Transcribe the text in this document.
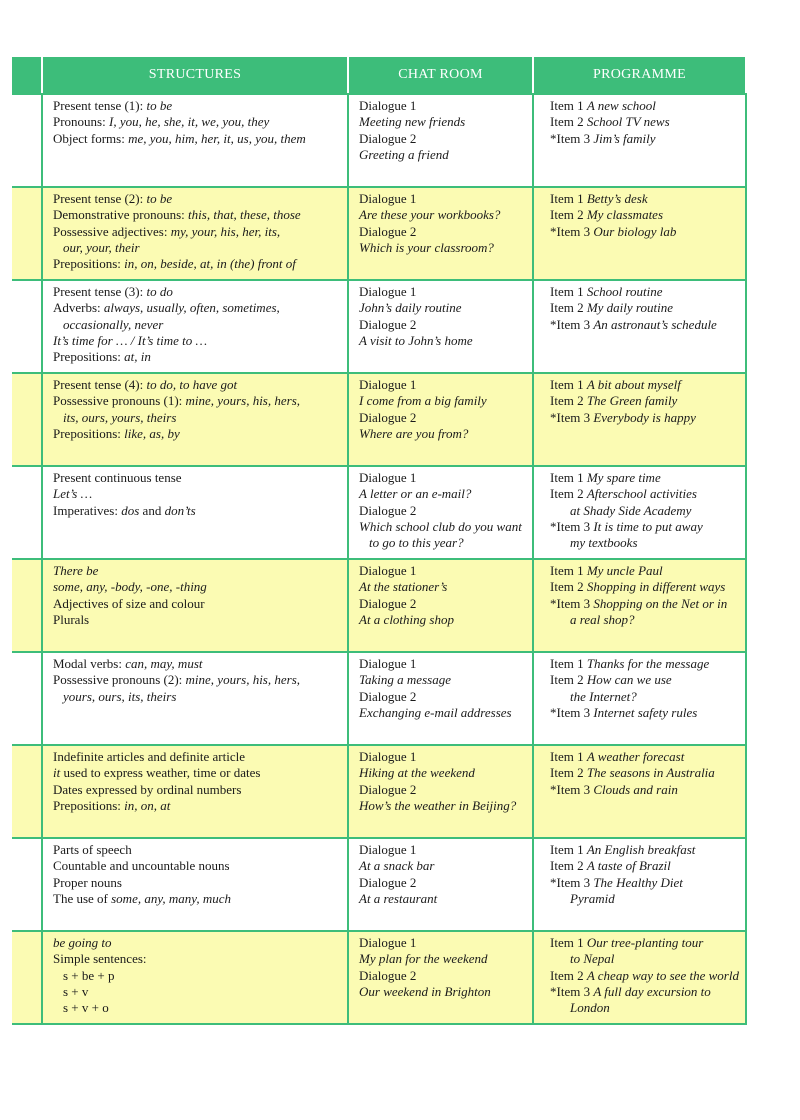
	STRUCTURES	CHAT ROOM	PROGRAMME

	Present tense (1): to be
Pronouns: I, you, he, she, it, we, you, they
Object forms: me, you, him, her, it, us, you, them	Dialogue 1
Meeting new friends
Dialogue 2
Greeting a friend	Item 1 A new school
Item 2 School TV news
*Item 3 Jim’s family

	Present tense (2): to be
Demonstrative pronouns: this, that, these, those
Possessive adjectives: my, your, his, her, its,
our, your, their
Prepositions: in, on, beside, at, in (the) front of	Dialogue 1
Are these your workbooks?
Dialogue 2
Which is your classroom?	Item 1 Betty’s desk
Item 2 My classmates
*Item 3 Our biology lab

	Present tense (3): to do
Adverbs: always, usually, often, sometimes,
occasionally, never
It’s time for … / It’s time to …
Prepositions: at, in	Dialogue 1
John’s daily routine
Dialogue 2
A visit to John’s home	Item 1 School routine
Item 2 My daily routine
*Item 3 An astronaut’s schedule

	Present tense (4): to do, to have got
Possessive pronouns (1): mine, yours, his, hers,
its, ours, yours, theirs
Prepositions: like, as, by	Dialogue 1
I come from a big family
Dialogue 2
Where are you from?	Item 1 A bit about myself
Item 2 The Green family
*Item 3 Everybody is happy

	Present continuous tense
Let’s …
Imperatives: dos and don’ts	Dialogue 1
A letter or an e-mail?
Dialogue 2
Which school club do you want
to go to this year?	Item 1 My spare time
Item 2 Afterschool activities
at Shady Side Academy
*Item 3 It is time to put away
my textbooks

	There be
some, any, -body, -one, -thing
Adjectives of size and colour
Plurals	Dialogue 1
At the stationer’s
Dialogue 2
At a clothing shop	Item 1 My uncle Paul
Item 2 Shopping in different ways
*Item 3 Shopping on the Net or in
a real shop?

	Modal verbs: can, may, must
Possessive pronouns (2): mine, yours, his, hers,
yours, ours, its, theirs	Dialogue 1
Taking a message
Dialogue 2
Exchanging e-mail addresses	Item 1 Thanks for the message
Item 2 How can we use
the Internet?
*Item 3 Internet safety rules

	Indefinite articles and definite article
it used to express weather, time or dates
Dates expressed by ordinal numbers
Prepositions: in, on, at	Dialogue 1
Hiking at the weekend
Dialogue 2
How’s the weather in Beijing?	Item 1 A weather forecast
Item 2 The seasons in Australia
*Item 3 Clouds and rain

	Parts of speech
Countable and uncountable nouns
Proper nouns
The use of some, any, many, much	Dialogue 1
At a snack bar
Dialogue 2
At a restaurant	Item 1 An English breakfast
Item 2 A taste of Brazil
*Item 3 The Healthy Diet
Pyramid

	be going to
Simple sentences:
s + be + p
s + v
s + v + o	Dialogue 1
My plan for the weekend
Dialogue 2
Our weekend in Brighton	Item 1 Our tree-planting tour
to Nepal
Item 2 A cheap way to see the world
*Item 3 A full day excursion to
London
